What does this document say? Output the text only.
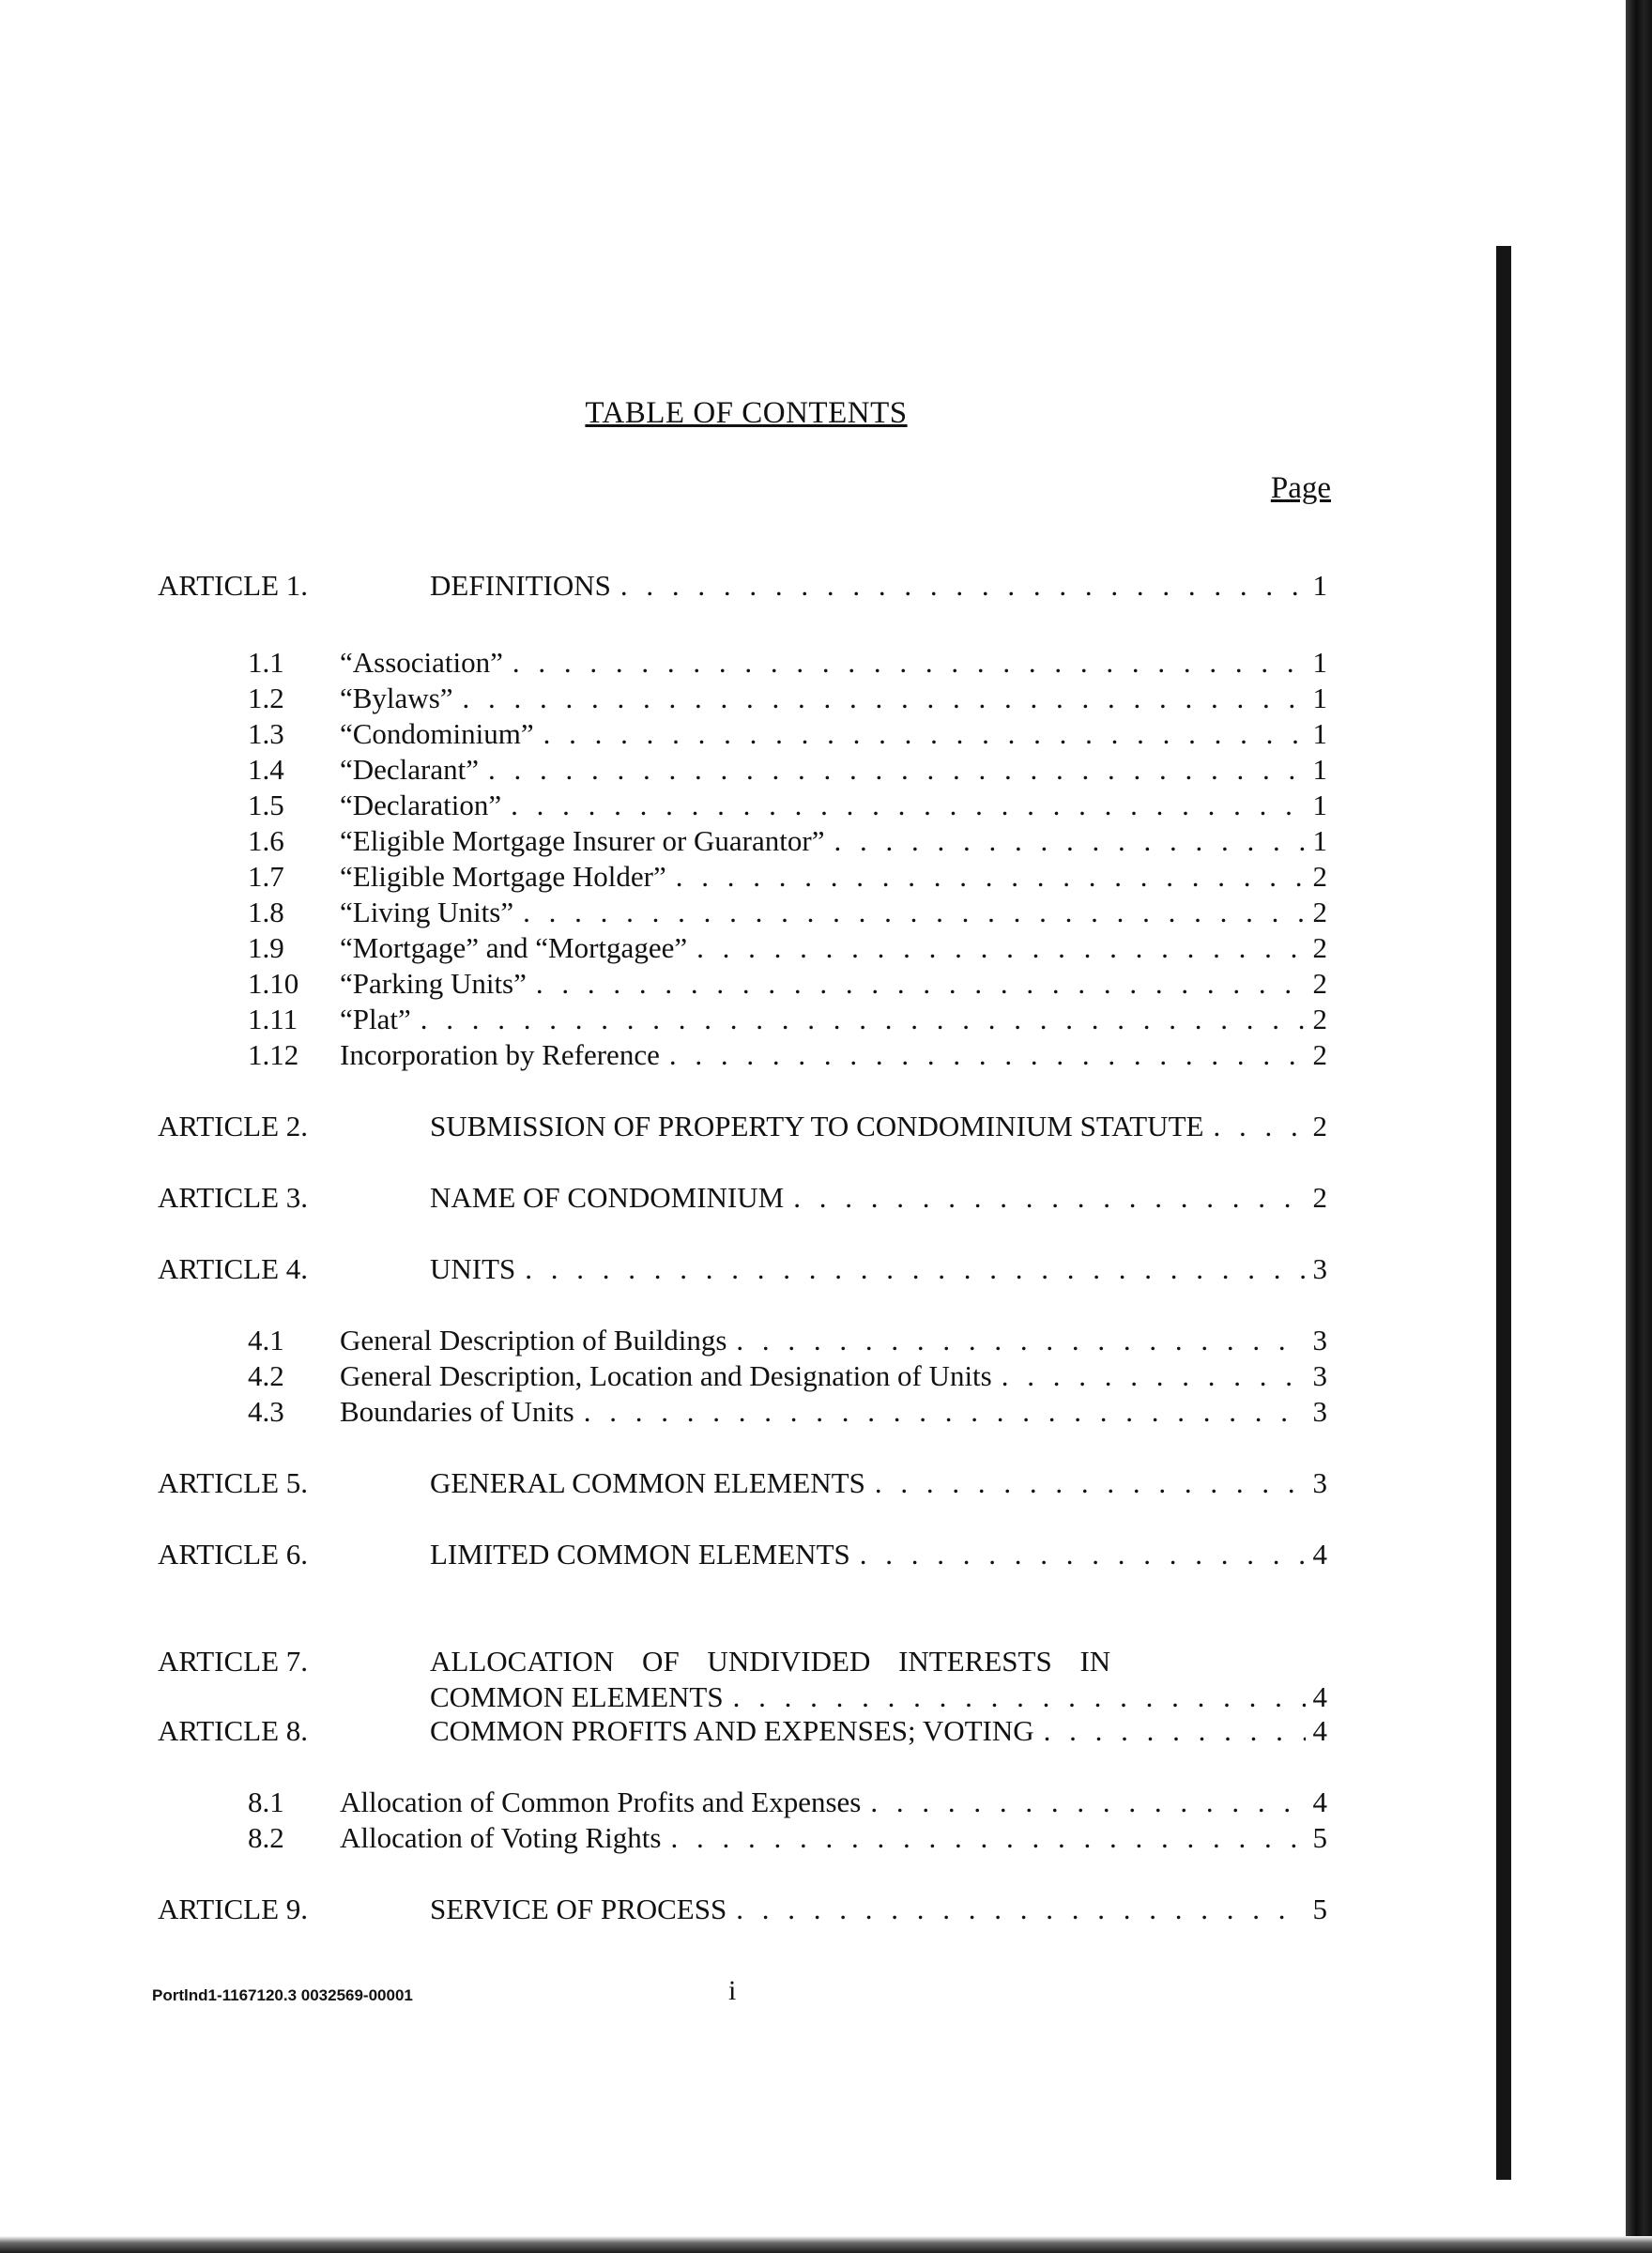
TABLE OF CONTENTS
Page
ARTICLE 1.	DEFINITIONS . . .	1
1.1	“Association” . . .	1
1.2	“Bylaws” . . .	1
1.3	“Condominium” . . .	1
1.4	“Declarant” . . .	1
1.5	“Declaration” . . .	1
1.6	“Eligible Mortgage Insurer or Guarantor” . . .	1
1.7	“Eligible Mortgage Holder” . . .	2
1.8	“Living Units” . . .	2
1.9	“Mortgage” and “Mortgagee” . . .	2
1.10	“Parking Units” . . .	2
1.11	“Plat” . . .	2
1.12	Incorporation by Reference . . .	2
ARTICLE 2.	SUBMISSION OF PROPERTY TO CONDOMINIUM STATUTE . . .	2
ARTICLE 3.	NAME OF CONDOMINIUM . . .	2
ARTICLE 4.	UNITS . . .	3
4.1	General Description of Buildings . . .	3
4.2	General Description, Location and Designation of Units . . .	3
4.3	Boundaries of Units . . .	3
ARTICLE 5.	GENERAL COMMON ELEMENTS . . .	3
ARTICLE 6.	LIMITED COMMON ELEMENTS . . .	4
ARTICLE 7.	ALLOCATION OF UNDIVIDED INTERESTS IN
COMMON ELEMENTS . . .	4
ARTICLE 8.	COMMON PROFITS AND EXPENSES; VOTING . . .	4
8.1	Allocation of Common Profits and Expenses . . .	4
8.2	Allocation of Voting Rights . . .	5
ARTICLE 9.	SERVICE OF PROCESS . . .	5
Portlnd1-1167120.3 0032569-00001	i
